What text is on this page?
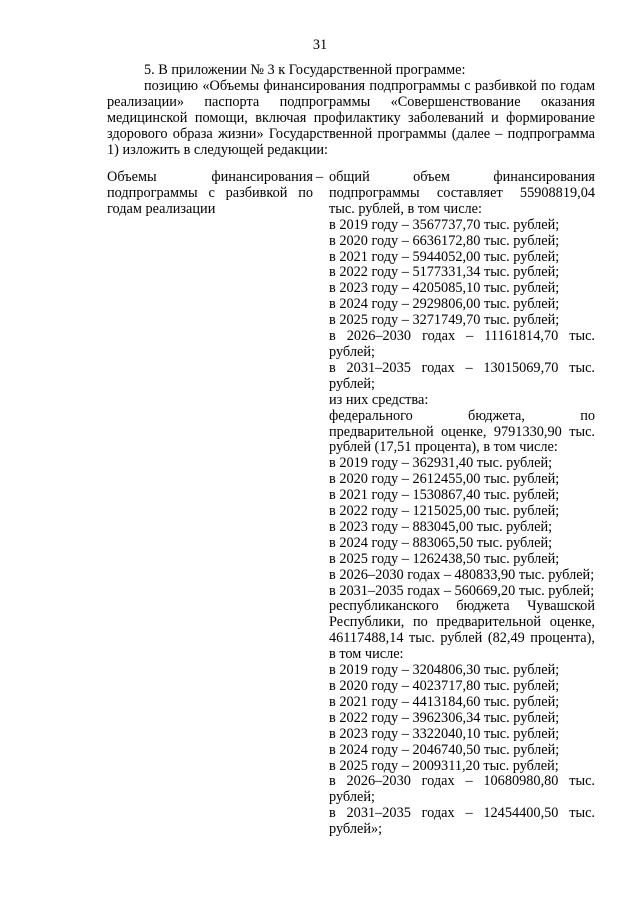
31

5. В приложении № 3 к Государственной программе:

позицию «Объемы финансирования подпрограммы с разбивкой по годам реализации» паспорта подпрограммы «Совершенствование оказания медицинской помощи, включая профилактику заболеваний и формирование здорового образа жизни» Государственной программы (далее – подпрограмма 1) изложить в следующей редакции:

Объемы финансирования подпрограммы с разбивкой по годам реализации
– общий объем финансирования подпрограммы составляет 55908819,04 тыс. рублей, в том числе:

в 2019 году – 3567737,70 тыс. рублей;

в 2020 году – 6636172,80 тыс. рублей;

в 2021 году – 5944052,00 тыс. рублей;

в 2022 году – 5177331,34 тыс. рублей;

в 2023 году – 4205085,10 тыс. рублей;

в 2024 году – 2929806,00 тыс. рублей;

в 2025 году – 3271749,70 тыс. рублей;

в 2026–2030 годах – 11161814,70 тыс. рублей;

в 2031–2035 годах – 13015069,70 тыс. рублей;

из них средства:

федерального бюджета, по предварительной оценке, 9791330,90 тыс. рублей (17,51 процента), в том числе:

в 2019 году – 362931,40 тыс. рублей;

в 2020 году – 2612455,00 тыс. рублей;

в 2021 году – 1530867,40 тыс. рублей;

в 2022 году – 1215025,00 тыс. рублей;

в 2023 году – 883045,00 тыс. рублей;

в 2024 году – 883065,50 тыс. рублей;

в 2025 году – 1262438,50 тыс. рублей;

в 2026–2030 годах – 480833,90 тыс. рублей;

в 2031–2035 годах – 560669,20 тыс. рублей;

республиканского бюджета Чувашской Республики, по предварительной оценке, 46117488,14 тыс. рублей (82,49 процента), в том числе:

в 2019 году – 3204806,30 тыс. рублей;

в 2020 году – 4023717,80 тыс. рублей;

в 2021 году – 4413184,60 тыс. рублей;

в 2022 году – 3962306,34 тыс. рублей;

в 2023 году – 3322040,10 тыс. рублей;

в 2024 году – 2046740,50 тыс. рублей;

в 2025 году – 2009311,20 тыс. рублей;

в 2026–2030 годах – 10680980,80 тыс. рублей;

в 2031–2035 годах – 12454400,50 тыс. рублей»;
